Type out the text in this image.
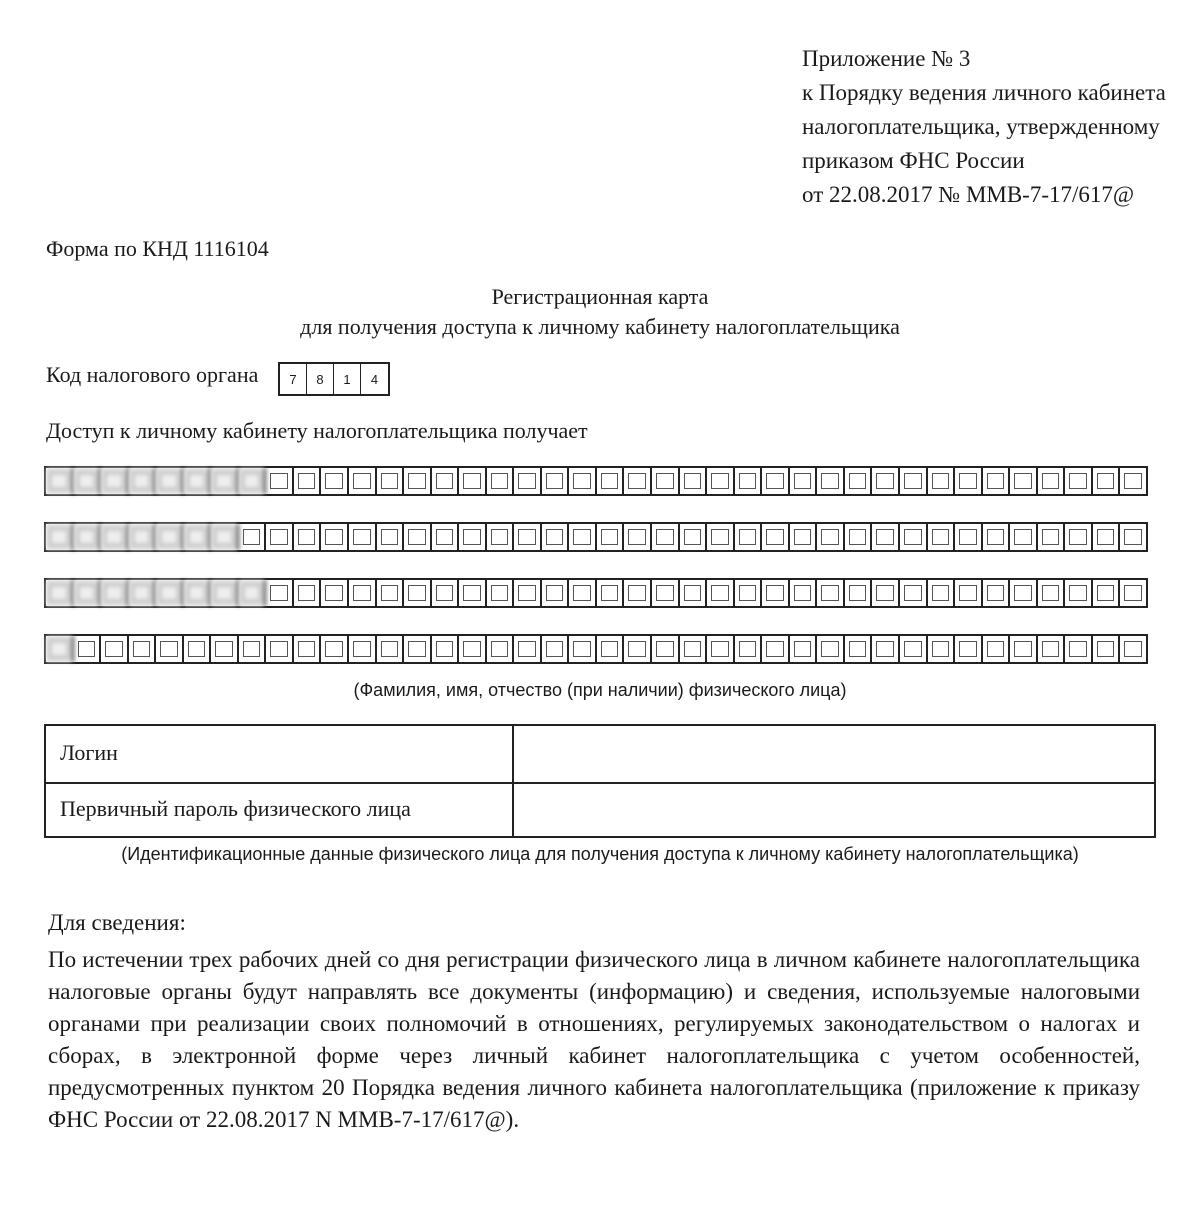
Приложение № 3
к Порядку ведения личного кабинета
налогоплательщика, утвержденному
приказом ФНС России
от 22.08.2017 № ММВ-7-17/617@
Форма по КНД 1116104
Регистрационная карта
для получения доступа к личному кабинету налогоплательщика
Код налогового органа	7	8	1	4
Доступ к личному кабинету налогоплательщика получает
(Фамилия, имя, отчество (при наличии) физического лица)
Логин
Первичный пароль физического лица
(Идентификационные данные физического лица для получения доступа к личному кабинету налогоплательщика)
Для сведения:
По истечении трех рабочих дней со дня регистрации физического лица в личном кабинете налогоплательщика налоговые органы будут направлять все документы (информацию) и сведения, используемые налоговыми органами при реализации своих полномочий в отношениях, регулируемых законодательством о налогах и сборах, в электронной форме через личный кабинет налогоплательщика с учетом особенностей, предусмотренных пунктом 20 Порядка ведения личного кабинета налогоплательщика (приложение к приказу ФНС России от 22.08.2017 N ММВ-7-17/617@).
